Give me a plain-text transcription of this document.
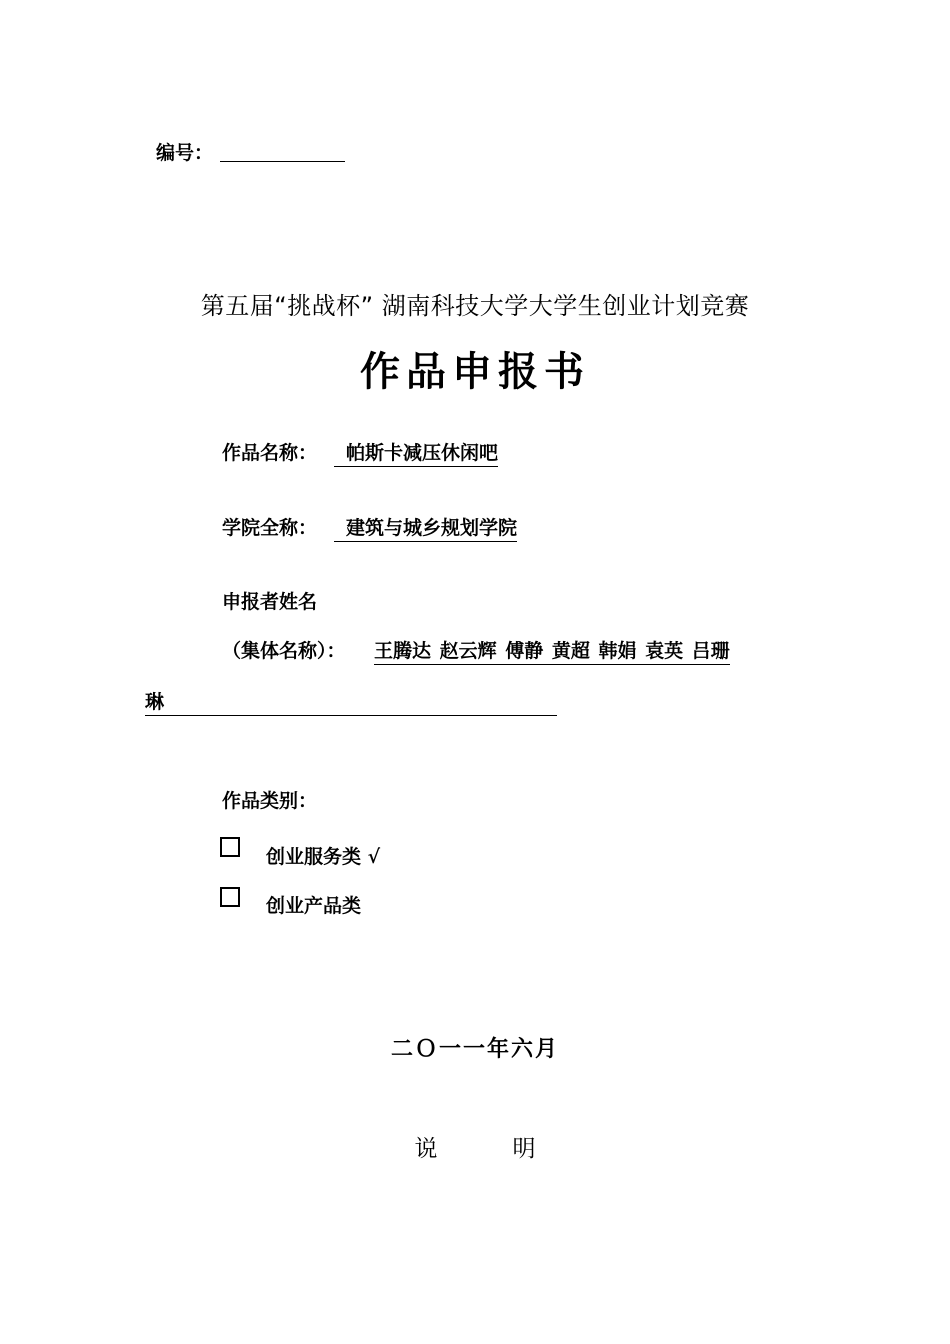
编号：
第五届“挑战杯” 湖南科技大学大学生创业计划竞赛
作品申报书
作品名称：	帕斯卡减压休闲吧
学院全称：	建筑与城乡规划学院
申报者姓名
（集体名称）： 王腾达 赵云辉 傅静 黄超 韩娟 袁英 吕珊
琳
作品类别：
创业服务类 √
创业产品类
二Ｏ一一年六月
说	明
